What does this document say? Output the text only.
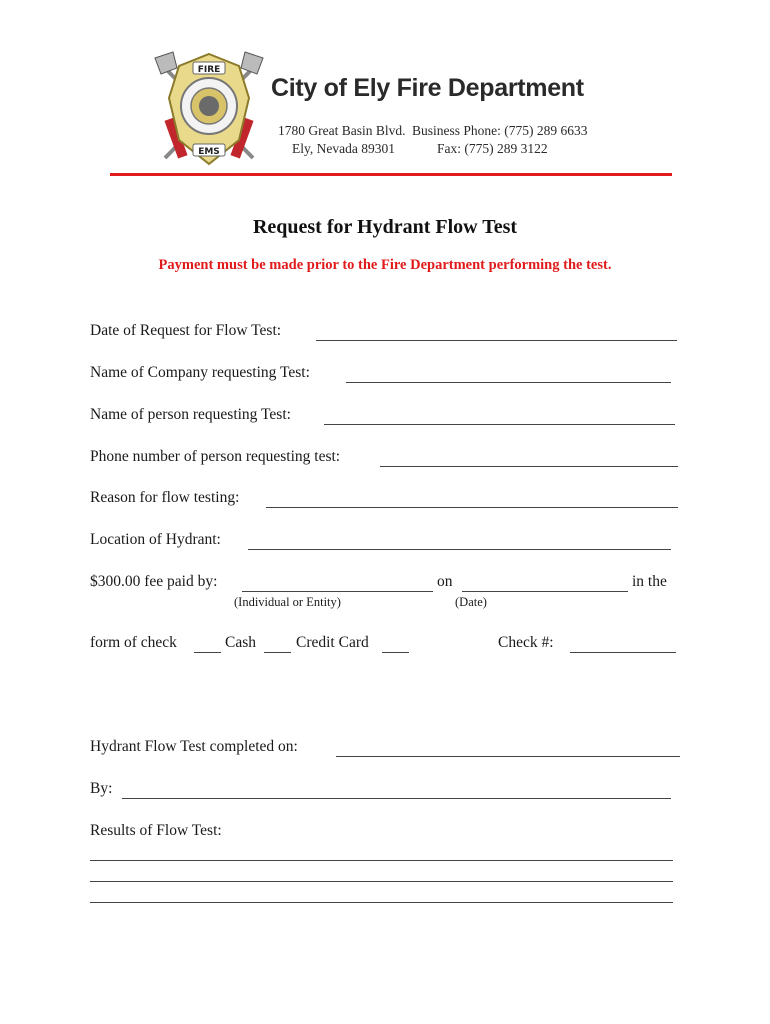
FIRE
EMS
City of Ely Fire Department
1780 Great Basin Blvd.
Ely, Nevada 89301
Business Phone: (775) 289 6633
Fax: (775) 289 3122
Request for Hydrant Flow Test
Payment must be made prior to the Fire Department performing the test.
Date of Request for Flow Test:
Name of Company requesting Test:
Name of person requesting Test:
Phone number of person requesting test:
Reason for flow testing:
Location of Hydrant:
$300.00 fee paid by:	on	in the
(Individual or Entity)	(Date)
form of check	Cash	Credit Card	Check #:
Hydrant Flow Test completed on:
By:
Results of Flow Test:
